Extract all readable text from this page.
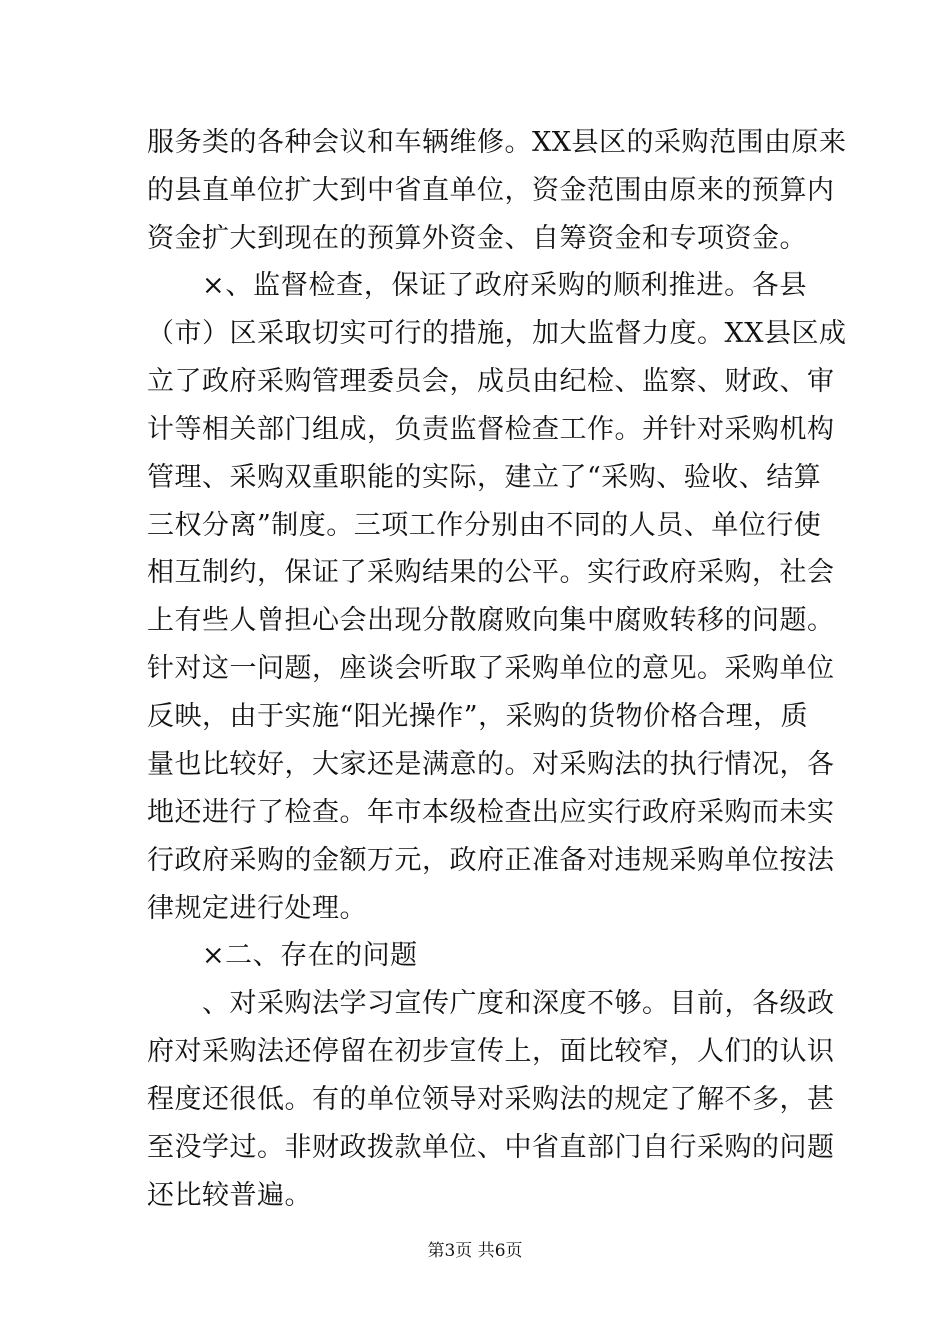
服务类的各种会议和车辆维修。XX县区的采购范围由原来
的县直单位扩大到中省直单位，资金范围由原来的预算内
资金扩大到现在的预算外资金、自筹资金和专项资金。
×、监督检查，保证了政府采购的顺利推进。各县
（市）区采取切实可行的措施，加大监督力度。XX县区成
立了政府采购管理委员会，成员由纪检、监察、财政、审
计等相关部门组成，负责监督检查工作。并针对采购机构
管理、采购双重职能的实际，建立了“采购、验收、结算
三权分离”制度。三项工作分别由不同的人员、单位行使
相互制约，保证了采购结果的公平。实行政府采购，社会
上有些人曾担心会出现分散腐败向集中腐败转移的问题。
针对这一问题，座谈会听取了采购单位的意见。采购单位
反映，由于实施“阳光操作”，采购的货物价格合理，质
量也比较好，大家还是满意的。对采购法的执行情况，各
地还进行了检查。年市本级检查出应实行政府采购而未实
行政府采购的金额万元，政府正准备对违规采购单位按法
律规定进行处理。
×二、存在的问题
、对采购法学习宣传广度和深度不够。目前，各级政
府对采购法还停留在初步宣传上，面比较窄，人们的认识
程度还很低。有的单位领导对采购法的规定了解不多，甚
至没学过。非财政拨款单位、中省直部门自行采购的问题
还比较普遍。
第3页 共6页
